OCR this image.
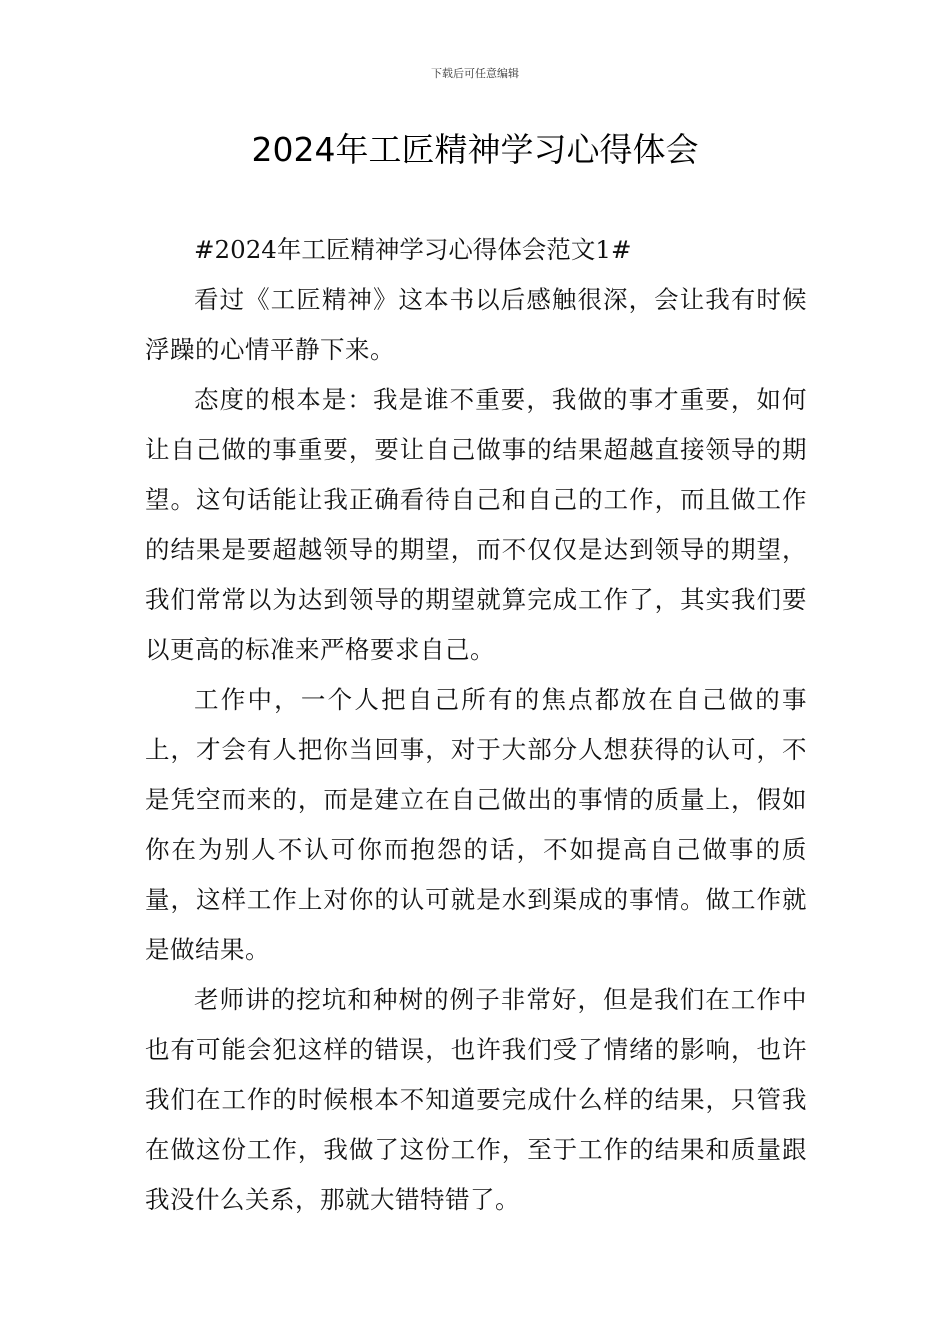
下载后可任意编辑
2024年工匠精神学习心得体会

#2024年工匠精神学习心得体会范文1#

看过《工匠精神》这本书以后感触很深，会让我有时候浮躁的心情平静下来。

态度的根本是：我是谁不重要，我做的事才重要，如何让自己做的事重要，要让自己做事的结果超越直接领导的期望。这句话能让我正确看待自己和自己的工作，而且做工作的结果是要超越领导的期望，而不仅仅是达到领导的期望，我们常常以为达到领导的期望就算完成工作了，其实我们要以更高的标准来严格要求自己。

工作中，一个人把自己所有的焦点都放在自己做的事上，才会有人把你当回事，对于大部分人想获得的认可，不是凭空而来的，而是建立在自己做出的事情的质量上，假如你在为别人不认可你而抱怨的话，不如提高自己做事的质量，这样工作上对你的认可就是水到渠成的事情。做工作就是做结果。

老师讲的挖坑和种树的例子非常好，但是我们在工作中也有可能会犯这样的错误，也许我们受了情绪的影响，也许我们在工作的时候根本不知道要完成什么样的结果，只管我在做这份工作，我做了这份工作，至于工作的结果和质量跟我没什么关系，那就大错特错了。
